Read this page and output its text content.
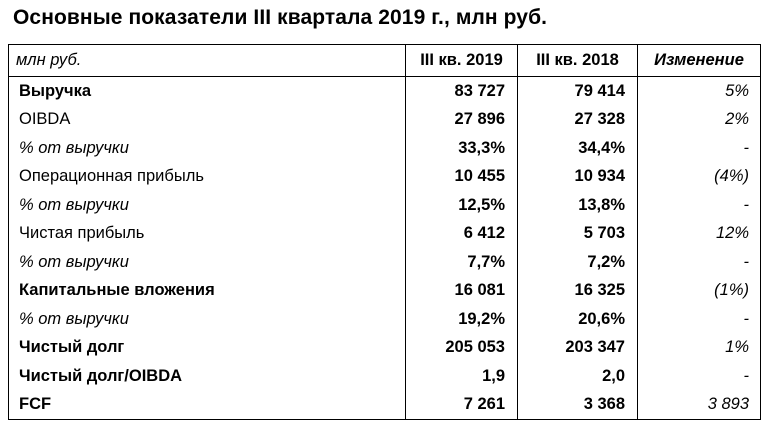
Основные показатели III квартала 2019 г., млн руб.
млн руб.	III кв. 2019	III кв. 2018	Изменение
Выручка	83 727	79 414	5%
OIBDA	27 896	27 328	2%
% от выручки	33,3%	34,4%	-
Операционная прибыль	10 455	10 934	(4%)
% от выручки	12,5%	13,8%	-
Чистая прибыль	6 412	5 703	12%
% от выручки	7,7%	7,2%	-
Капитальные вложения	16 081	16 325	(1%)
% от выручки	19,2%	20,6%	-
Чистый долг	205 053	203 347	1%
Чистый долг/OIBDA	1,9	2,0	-
FCF	7 261	3 368	3 893
